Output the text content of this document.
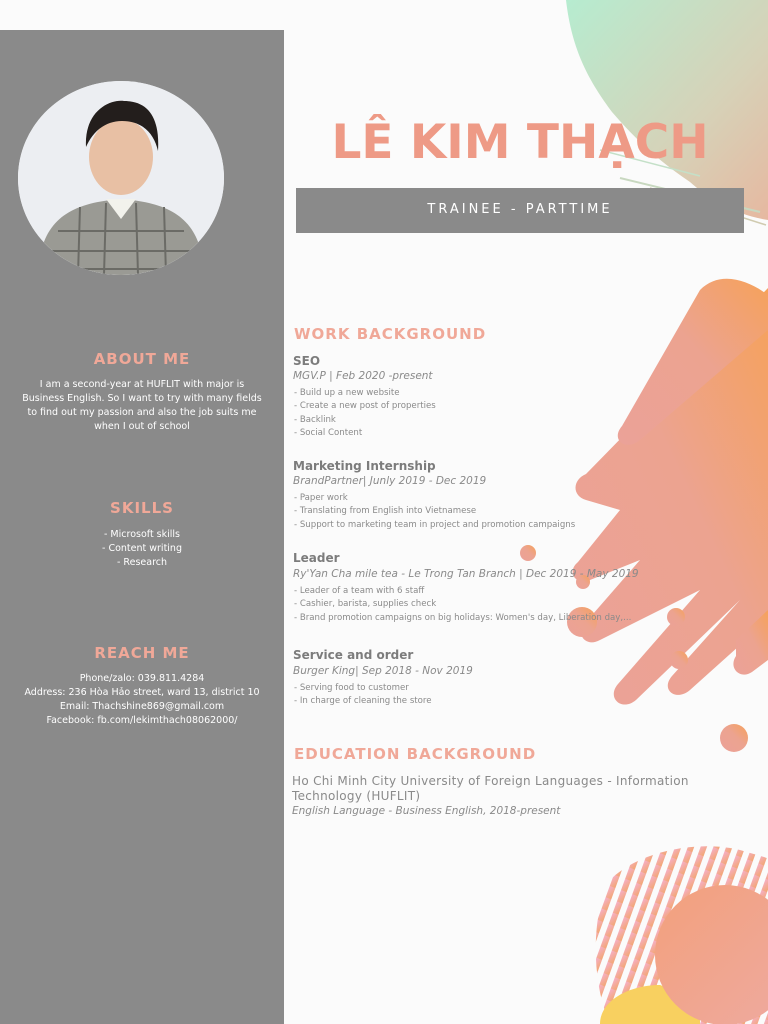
ABOUT ME
I am a second-year at HUFLIT with major is
Business English. So I want to try with many fields
to find out my passion and also the job suits me
when I out of school
SKILLS
- Microsoft skills
- Content writing
- Research
REACH ME
Phone/zalo: 039.811.4284
Address: 236 Hòa Hảo street, ward 13, district 10
Email: Thachshine869@gmail.com
Facebook: fb.com/lekimthach08062000/
LÊ KIM THẠCH
TRAINEE - PARTTIME
WORK BACKGROUND
SEO
MGV.P | Feb 2020 -present
- Build up a new website
- Create a new post of properties
- Backlink
- Social Content
Marketing Internship
BrandPartner| Junly 2019 - Dec 2019
- Paper work
- Translating from English into Vietnamese
- Support to marketing team in project and promotion campaigns
Leader
Ry'Yan Cha mile tea - Le Trong Tan Branch | Dec 2019 - May 2019
- Leader of a team with 6 staff
- Cashier, barista, supplies check
- Brand promotion campaigns on big holidays: Women's day, Liberation day,...
Service and order
Burger King| Sep 2018 - Nov 2019
- Serving food to customer
- In charge of cleaning the store
EDUCATION BACKGROUND
Ho Chi Minh City University of Foreign Languages - Information Technology (HUFLIT)
English Language - Business English, 2018-present
